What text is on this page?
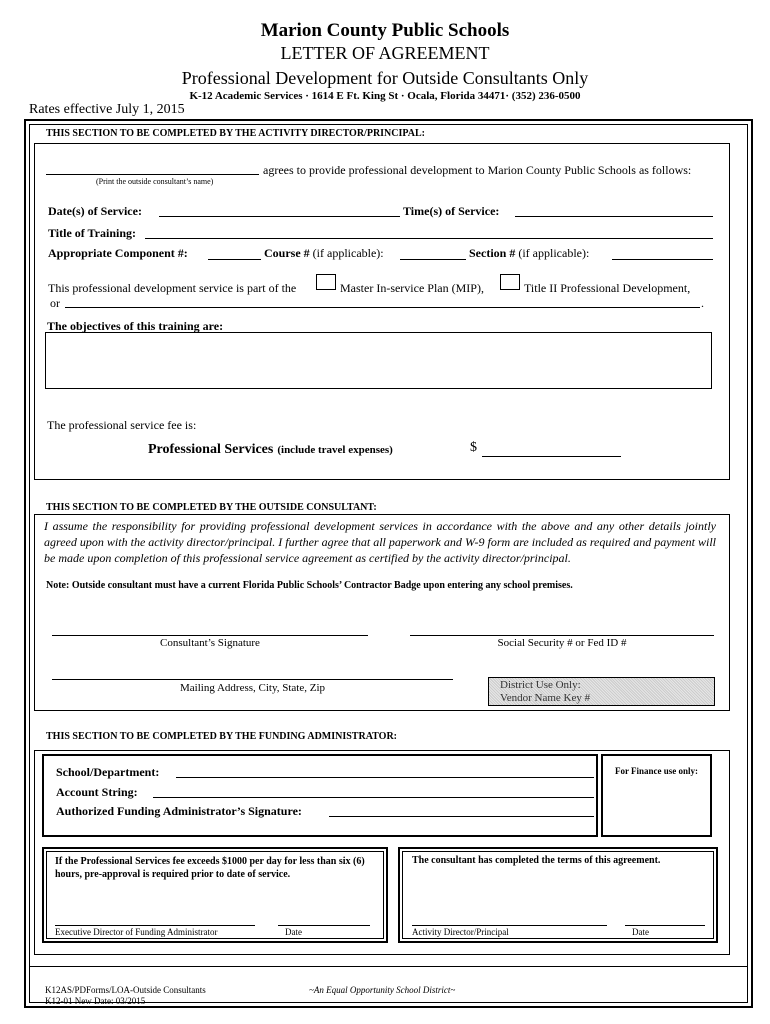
Marion County Public Schools
LETTER OF AGREEMENT
Professional Development for Outside Consultants Only
K-12 Academic Services · 1614 E Ft. King St · Ocala, Florida 34471· (352) 236-0500
Rates effective July 1, 2015
THIS SECTION TO BE COMPLETED BY THE ACTIVITY DIRECTOR/PRINCIPAL:
agrees to provide professional development to Marion County Public Schools as follows:
(Print the outside consultant’s name)
Date(s) of Service:	Time(s) of Service:
Title of Training:
Appropriate Component #:	Course # (if applicable):	Section # (if applicable):
This professional development service is part of the	Master In-service Plan (MIP),	Title II Professional Development,
or	.
The objectives of this training are:
The professional service fee is:
Professional Services (include travel expenses)	$
THIS SECTION TO BE COMPLETED BY THE OUTSIDE CONSULTANT:
I assume the responsibility for providing professional development services in accordance with the above and any other details jointly agreed upon with the activity director/principal. I further agree that all paperwork and W-9 form are included as required and payment will be made upon completion of this professional service agreement as certified by the activity director/principal.
Note: Outside consultant must have a current Florida Public Schools’ Contractor Badge upon entering any school premises.
Consultant’s Signature	Social Security # or Fed ID #
Mailing Address, City, State, Zip	District Use Only:
Vendor Name Key #
THIS SECTION TO BE COMPLETED BY THE FUNDING ADMINISTRATOR:
School/Department:
Account String:
Authorized Funding Administrator’s Signature:
For Finance use only:
If the Professional Services fee exceeds $1000 per day for less than six (6) hours, pre-approval is required prior to date of service.
Executive Director of Funding Administrator	Date
The consultant has completed the terms of this agreement.
Activity Director/Principal	Date
K12AS/PDForms/LOA-Outside Consultants
K12-01 New Date: 03/2015
~An Equal Opportunity School District~
